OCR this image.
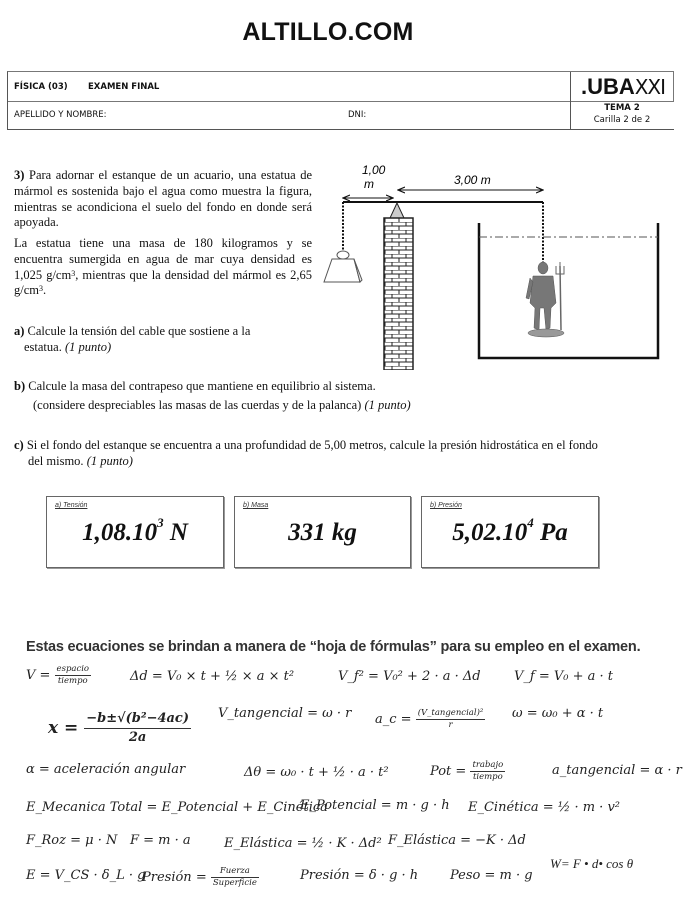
ALTILLO.COM
FÍSICA (03) EXAMEN FINAL
APELLIDO Y NOMBRE:	DNI:
.UBAXXI
TEMA 2
Carilla 2 de 2
3) Para adornar el estanque de un acuario, una estatua de mármol es sostenida bajo el agua como muestra la figura, mientras se acondiciona el suelo del fondo en donde será apoyada.
La estatua tiene una masa de 180 kilogramos y se encuentra sumergida en agua de mar cuya densidad es 1,025 $g/cm^3$, mientras que la densidad del mármol es 2,65 $g/cm^3$.
a) Calcule la tensión del cable que sostiene a la
estatua. (1 punto)
b) Calcule la masa del contrapeso que mantiene en equilibrio al sistema.
(considere despreciables las masas de las cuerdas y de la palanca) (1 punto)
c) Si el fondo del estanque se encuentra a una profundidad de 5,00 metros, calcule la presión hidrostática en el fondo
del mismo. (1 punto)
1,00
m	3,00 m
a) Tensión
1,08.10$^3$ N
b) Masa
331 kg
b) Presión
5,02.10$^4$ Pa
Estas ecuaciones se brindan a manera de “hoja de fórmulas” para su empleo en el examen.
$V = \frac{\text{espacio}}{\text{tiempo}}$	Δd = V₀ × t + ½ × a × t²	V_f² = V₀² + 2 · a · Δd	V_f = V₀ + a · t
$x = \frac{\text{−b±√(b²−4ac)}}{2a}$ V_tangencial = ω · r a_c = $\frac{\text{(V\_tangencial)²}}{r}$ ω = ω₀ + α · t
α = aceleración angular	Δθ = ω₀ · t + ½ · a · t²	Pot = $\frac{\text{trabajo}}{\text{tiempo}}$	a_tangencial = α · r
E_Mecanica Total = E_Potencial + E_Cinética
E_Potencial = m · g · h E_Cinética = ½ · m · v²
F_Roz = μ · N F = m · a	E_Elástica = ½ · K · Δd² F_Elástica = −K · Δd
E = V_CS · δ_L · g
Presión = $\frac{\text{Fuerza}}{\text{Superficie}}$	Presión = δ · g · h Peso = m · g
W= F • d• cos θ
